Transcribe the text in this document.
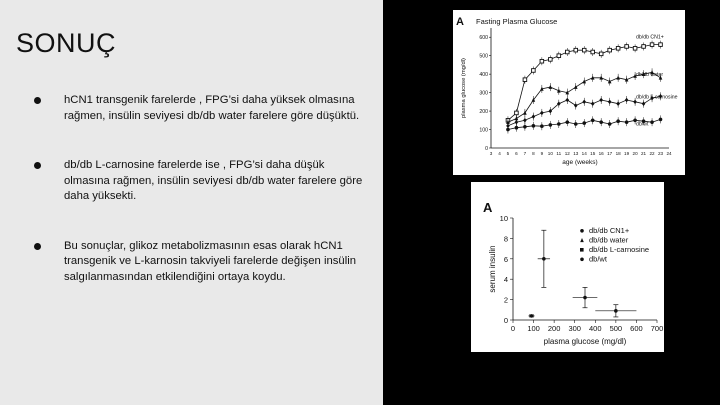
SONUÇ
hCN1 transgenik farelerde , FPG’si daha yüksek olmasına rağmen, insülin seviyesi db/db water farelere göre düşüktü.
db/db L-carnosine farelerde ise , FPG’si daha düşük olmasına rağmen, insülin seviyesi db/db water farelere göre daha yüksekti.
Bu sonuçlar, glikoz metabolizmasının esas olarak hCN1 transgenik ve L-karnosin takviyeli farelerde değişen insülin salgılanmasından etkilendiğini ortaya koydu.
A Fasting Plasma Glucose
0
100
200
300
400
500
600
3 4 5 6 7 8 9 10 11 12 13 14 15 16 17 18 19 20 21 22 23 24
age (weeks)
plasma glucose (mg/dl)
db/db CN1+
db/db water
db/db L-carnosine
db/wt
A
0
2
4
6
8
10
0 100 200 300 400 500 600 700
plasma glucose (mg/dl)
serum insulin
db/db CN1+
db/db water
db/db L-carnosine
db/wt
